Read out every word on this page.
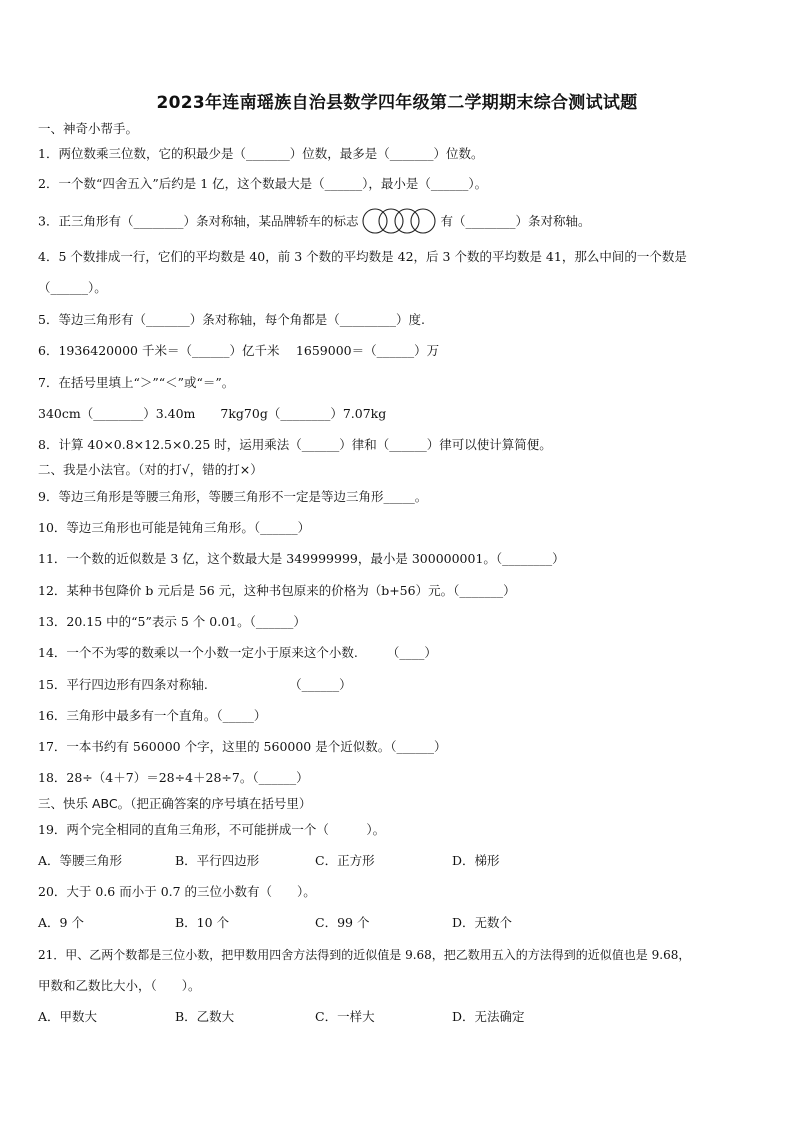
2023年连南瑶族自治县数学四年级第二学期期末综合测试试题
一、神奇小帮手。
1．两位数乘三位数，它的积最少是（_______）位数，最多是（_______）位数。
2．一个数“四舍五入”后约是 1 亿，这个数最大是（______），最小是（______）。
3．正三角形有（________）条对称轴，某品牌轿车的标志	有（________）条对称轴。
4．5 个数排成一行，它们的平均数是 40，前 3 个数的平均数是 42，后 3 个数的平均数是 41，那么中间的一个数是
（______）。
5．等边三角形有（_______）条对称轴，每个角都是（_________）度.
6．1936420000 千米＝（______）亿千米　 1659000＝（______）万
7．在括号里填上“＞”“＜”或“＝”。
340cm（________）3.40m　　7kg70g（________）7.07kg
8．计算 40×0.8×12.5×0.25 时，运用乘法（______）律和（______）律可以使计算简便。
二、我是小法官。（对的打√，错的打×）
9．等边三角形是等腰三角形，等腰三角形不一定是等边三角形_____。
10．等边三角形也可能是钝角三角形。（______）
11．一个数的近似数是 3 亿，这个数最大是 349999999，最小是 300000001。（________）
12．某种书包降价 b 元后是 56 元，这种书包原来的价格为（b+56）元。（_______）
13．20.15 中的“5”表示 5 个 0.01。（______）
14．一个不为零的数乘以一个小数一定小于原来这个小数.　　 （____）
15．平行四边形有四条对称轴.　　　　　　　（______）
16．三角形中最多有一个直角。（_____）
17．一本书约有 560000 个字，这里的 560000 是个近似数。（______）
18．28÷（4＋7）＝28÷4＋28÷7。（______）
三、快乐 ABC。（把正确答案的序号填在括号里）
19．两个完全相同的直角三角形，不可能拼成一个（　　　）。
A．等腰三角形	B．平行四边形	C．正方形	D．梯形
20．大于 0.6 而小于 0.7 的三位小数有（　　）。
A．9 个	B．10 个	C．99 个	D．无数个
21．甲、乙两个数都是三位小数，把甲数用四舍方法得到的近似值是 9.68，把乙数用五入的方法得到的近似值也是 9.68，
甲数和乙数比大小，（　　）。
A．甲数大	B．乙数大	C．一样大	D．无法确定
